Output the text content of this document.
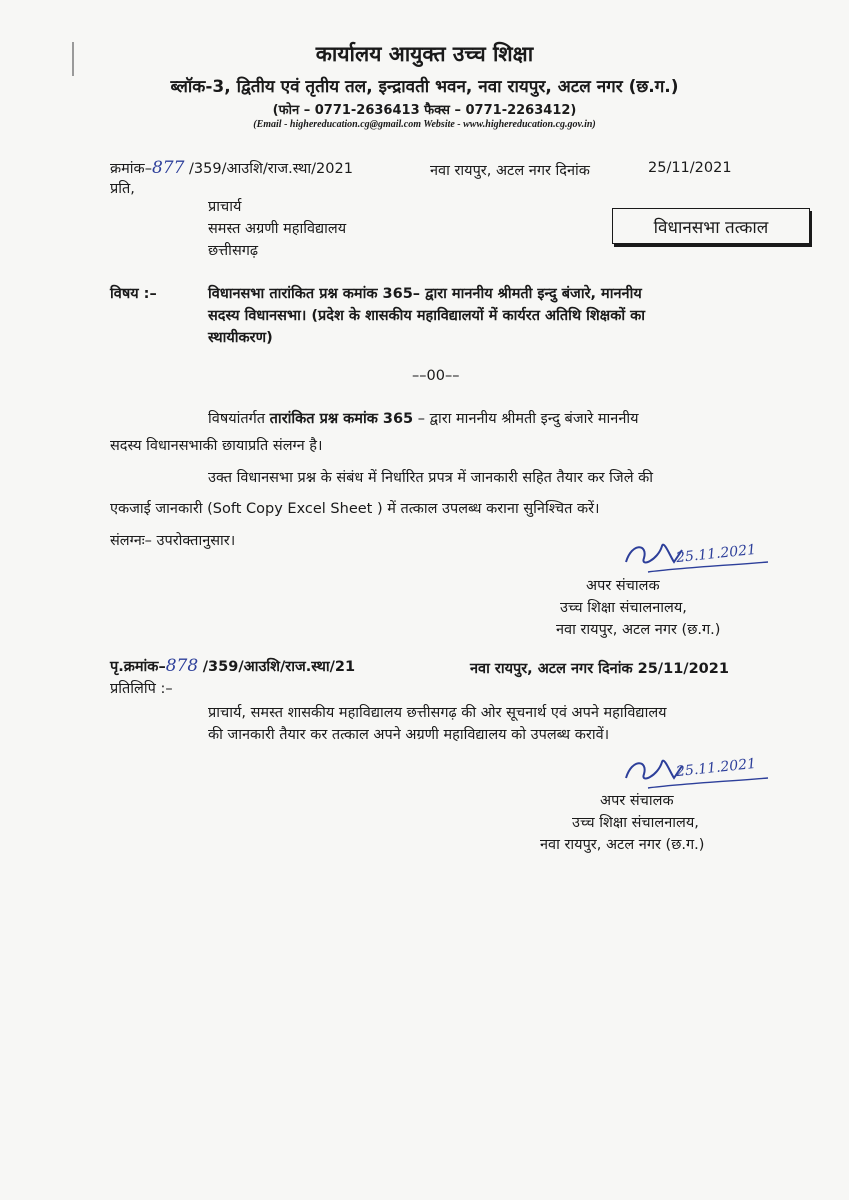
कार्यालय आयुक्त उच्च शिक्षा
ब्लॉक-3, द्वितीय एवं तृतीय तल, इन्द्रावती भवन, नवा रायपुर, अटल नगर (छ.ग.)
(फोन – 0771-2636413 फैक्स – 0771-2263412)
(Email - highereducation.cg@gmail.com Website - www.highereducation.cg.gov.in)
क्रमांक–877 /359/आउशि/राज.स्था/2021	नवा रायपुर, अटल नगर दिनांक	25/11/2021
प्रति,
प्राचार्य
समस्त अग्रणी महाविद्यालय
छत्तीसगढ़
विधानसभा तत्काल
विषय :–	विधानसभा तारांकित प्रश्न कमांक 365– द्वारा माननीय श्रीमती इन्दु बंजारे, माननीय
सदस्य विधानसभा। (प्रदेश के शासकीय महाविद्यालयों में कार्यरत अतिथि शिक्षकों का
स्थायीकरण)
––00––
विषयांतर्गत तारांकित प्रश्न कमांक 365 – द्वारा माननीय श्रीमती इन्दु बंजारे माननीय
सदस्य विधानसभाकी छायाप्रति संलग्न है।
उक्त विधानसभा प्रश्न के संबंध में निर्धारित प्रपत्र में जानकारी सहित तैयार कर जिले की
एकजाई जानकारी (Soft Copy Excel Sheet ) में तत्काल उपलब्ध कराना सुनिश्चित करें।
संलग्नः– उपरोक्तानुसार।
25.11.2021
अपर संचालक
उच्च शिक्षा संचालनालय,
नवा रायपुर, अटल नगर (छ.ग.)
पृ.क्रमांक–878 /359/आउशि/राज.स्था/21	नवा रायपुर, अटल नगर दिनांक 25/11/2021
प्रतिलिपि :–
प्राचार्य, समस्त शासकीय महाविद्यालय छत्तीसगढ़ की ओर सूचनार्थ एवं अपने महाविद्यालय
की जानकारी तैयार कर तत्काल अपने अग्रणी महाविद्यालय को उपलब्ध करावें।
25.11.2021
अपर संचालक
उच्च शिक्षा संचालनालय,
नवा रायपुर, अटल नगर (छ.ग.)
